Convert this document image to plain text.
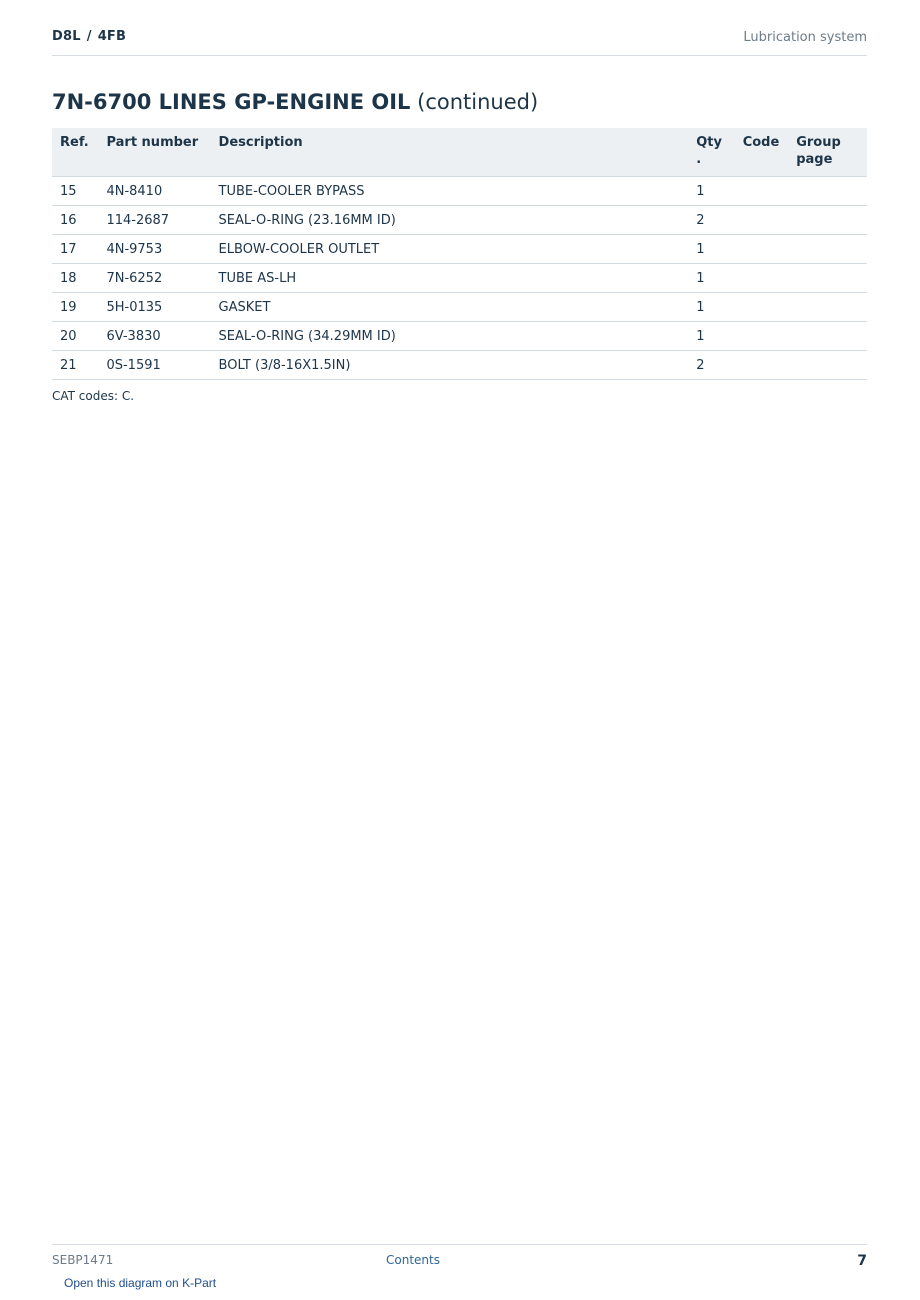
D8L / 4FB	Lubrication system
7N-6700 LINES GP-ENGINE OIL (continued)
Ref.	Part number	Description	Qty .	Code	Group page
15	4N-8410	TUBE-COOLER BYPASS	1		
16	114-2687	SEAL-O-RING (23.16MM ID)	2		
17	4N-9753	ELBOW-COOLER OUTLET	1		
18	7N-6252	TUBE AS-LH	1		
19	5H-0135	GASKET	1		
20	6V-3830	SEAL-O-RING (34.29MM ID)	1		
21	0S-1591	BOLT (3/8-16X1.5IN)	2		
CAT codes: C.
SEBP1471	Contents	7
Open this diagram on K-Part
